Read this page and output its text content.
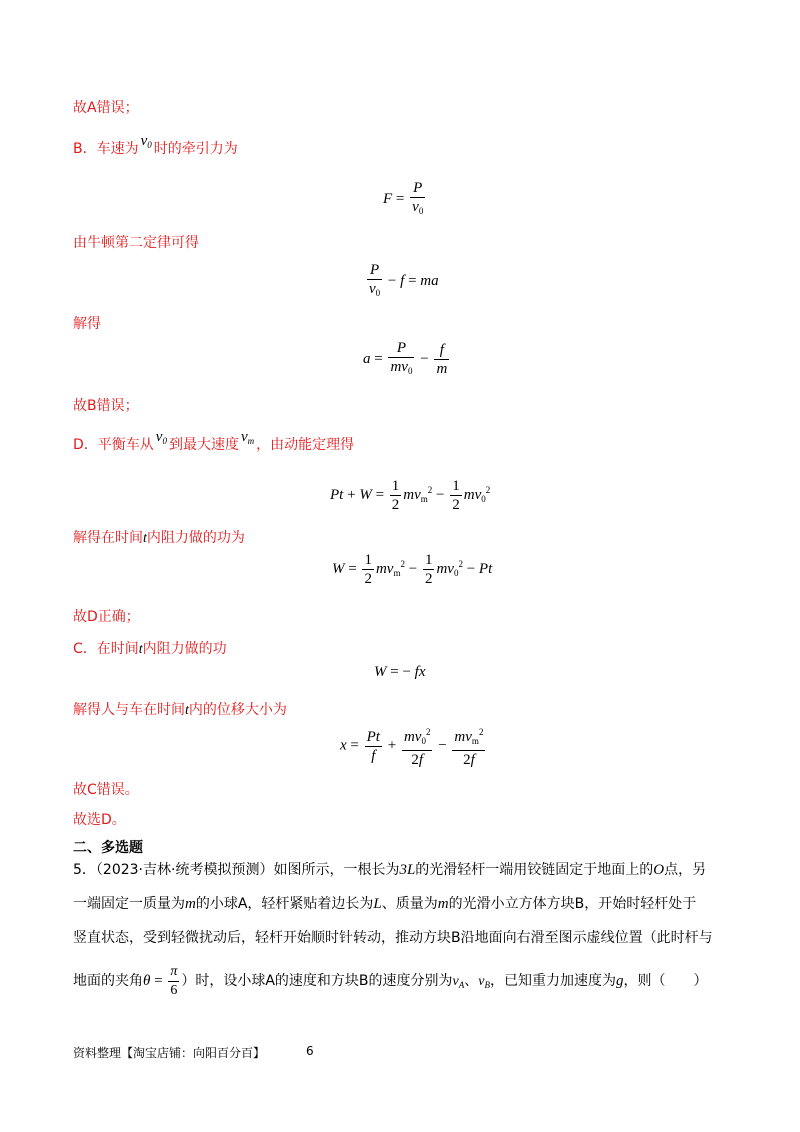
故A错误；
B．车速为 $v_0$ 时的牵引力为
$F = \frac{P}{v_0}$
由牛顿第二定律可得
$\frac{P}{v_0} - f$ = ma
解得
$a = \frac{P}{mv_0} - \frac{f}{m}$
故B错误；
D．平衡车从 $v_0$ 到最大速度 $v_m$ ，由动能定理得
$Pt + W = \frac{1}{2} mv_m^2 - \frac{1}{2} mv_0^2$
解得在时间t内阻力做的功为
$W = \frac{1}{2} mv_m^2 - \frac{1}{2} mv_0^2 - Pt$
故D正确；
C．在时间t内阻力做的功
W = − fx
解得人与车在时间t内的位移大小为
$x = \frac{Pt}{f} + \frac{mv_0^2}{2f} - \frac{mv_m^2}{2f}$
故C错误。
故选D。
二、多选题
5．（2023·吉林·统考模拟预测）如图所示，一根长为3L的光滑轻杆一端用铰链固定于地面上的O点，另
一端固定一质量为m的小球A，轻杆紧贴着边长为L、质量为m的光滑小立方体方块B，开始时轻杆处于
竖直状态，受到轻微扰动后，轻杆开始顺时针转动，推动方块B沿地面向右滑至图示虚线位置（此时杆与
地面的夹角$\theta = \frac{\pi}{6}$ ）时，设小球A的速度和方块B的速度分别为$v_A$、$v_B$，已知重力加速度为g，则（　　）
资料整理【淘宝店铺：向阳百分百】	6
